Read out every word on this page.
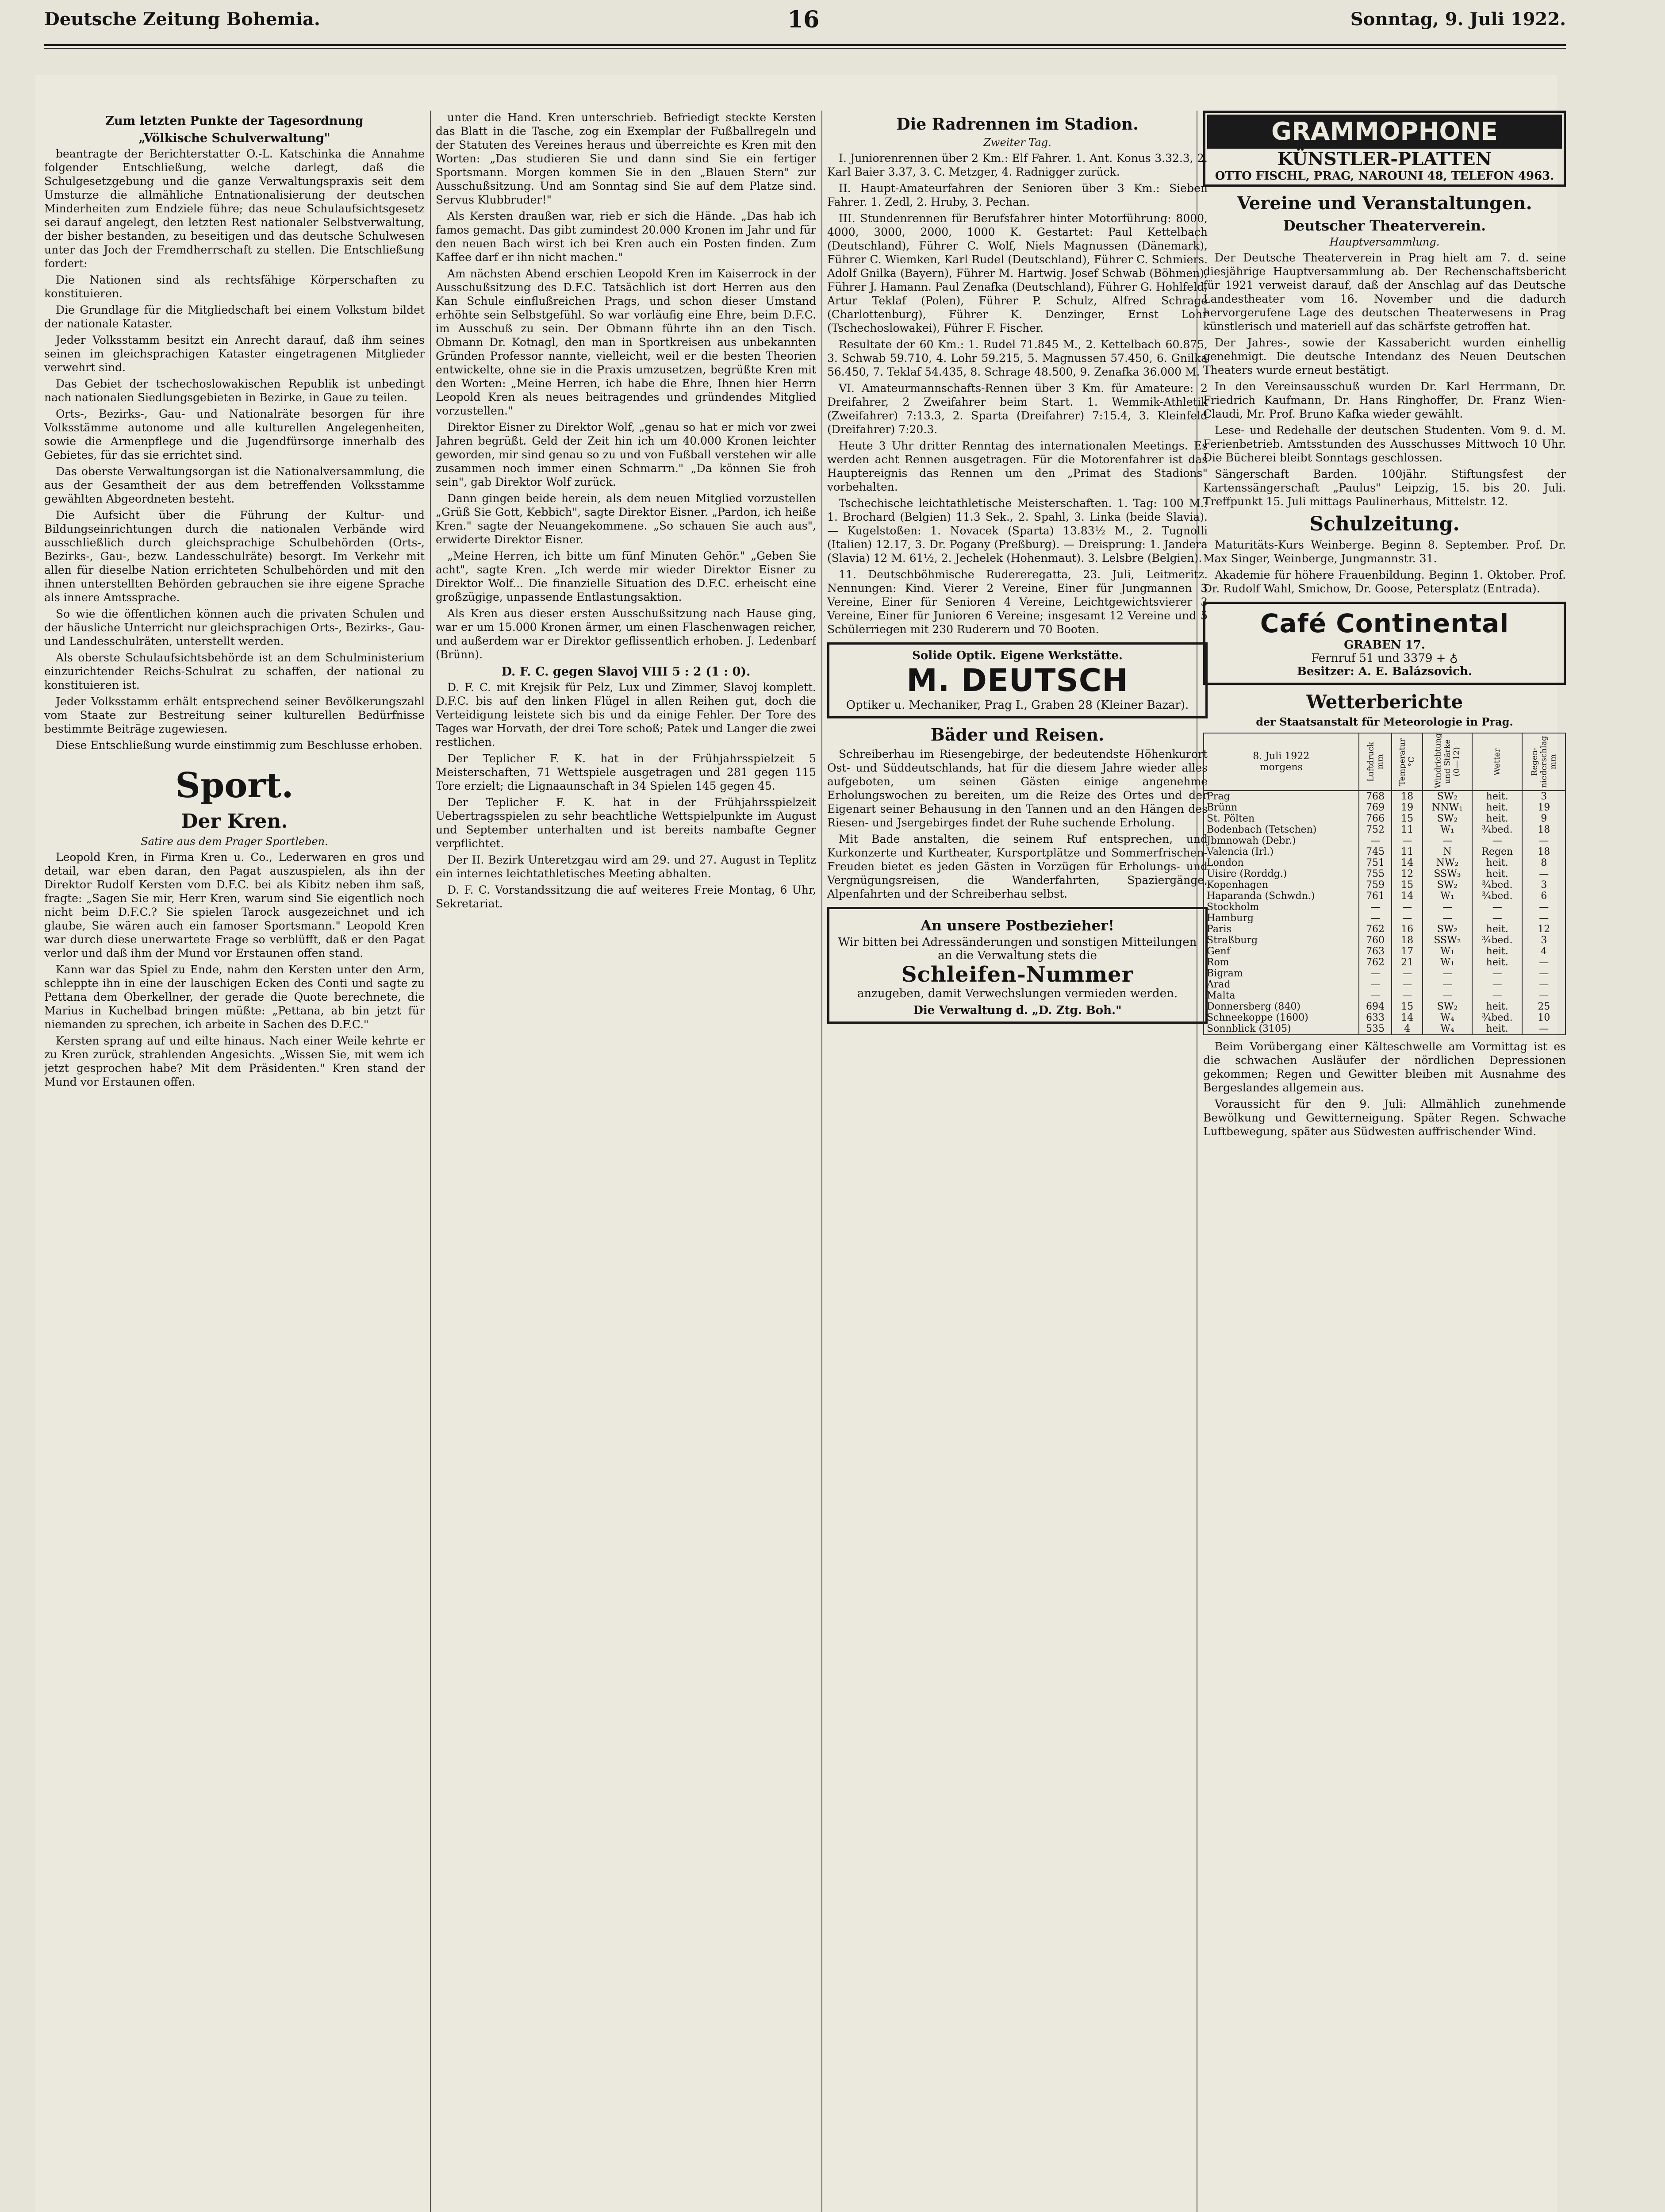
Deutsche Zeitung Bohemia.	16	Sonntag, 9. Juli 1922.
Zum letzten Punkte der Tagesordnung
„Völkische Schulverwaltung"

beantragte der Berichterstatter O.-L. Katschinka die Annahme folgender Entschließung, welche darlegt, daß die Schulgesetzgebung und die ganze Verwaltungspraxis seit dem Umsturze die allmähliche Entnationalisierung der deutschen Minderheiten zum Endziele führe; das neue Schulaufsichtsgesetz sei darauf angelegt, den letzten Rest nationaler Selbstverwaltung, der bisher bestanden, zu beseitigen und das deutsche Schulwesen unter das Joch der Fremdherrschaft zu stellen. Die Entschließung fordert:

Die Nationen sind als rechtsfähige Körperschaften zu konstituieren.

Die Grundlage für die Mitgliedschaft bei einem Volkstum bildet der nationale Kataster.

Jeder Volksstamm besitzt ein Anrecht darauf, daß ihm seines seinen im gleichsprachigen Kataster eingetragenen Mitglieder verwehrt sind.

Das Gebiet der tschechoslowakischen Republik ist unbedingt nach nationalen Siedlungsgebieten in Bezirke, in Gaue zu teilen.

Orts-, Bezirks-, Gau- und Nationalräte besorgen für ihre Volksstämme autonome und alle kulturellen Angelegenheiten, sowie die Armenpflege und die Jugendfürsorge innerhalb des Gebietes, für das sie errichtet sind.

Das oberste Verwaltungsorgan ist die Nationalversammlung, die aus der Gesamtheit der aus dem betreffenden Volksstamme gewählten Abgeordneten besteht.

Die Aufsicht über die Führung der Kultur- und Bildungseinrichtungen durch die nationalen Verbände wird ausschließlich durch gleichsprachige Schulbehörden (Orts-, Bezirks-, Gau-, bezw. Landesschulräte) besorgt. Im Verkehr mit allen für dieselbe Nation errichteten Schulbehörden und mit den ihnen unterstellten Behörden gebrauchen sie ihre eigene Sprache als innere Amtssprache.

So wie die öffentlichen können auch die privaten Schulen und der häusliche Unterricht nur gleichsprachigen Orts-, Bezirks-, Gau- und Landesschulräten, unterstellt werden.

Als oberste Schulaufsichtsbehörde ist an dem Schulministerium einzurichtender Reichs-Schulrat zu schaffen, der national zu konstituieren ist.

Jeder Volksstamm erhält entsprechend seiner Bevölkerungszahl vom Staate zur Bestreitung seiner kulturellen Bedürfnisse bestimmte Beiträge zugewiesen.

Diese Entschließung wurde einstimmig zum Beschlusse erhoben.

Sport.
Der Kren.
Satire aus dem Prager Sportleben.

Leopold Kren, in Firma Kren u. Co., Lederwaren en gros und detail, war eben daran, den Pagat auszuspielen, als ihn der Direktor Rudolf Kersten vom D.F.C. bei als Kibitz neben ihm saß, fragte: „Sagen Sie mir, Herr Kren, warum sind Sie eigentlich noch nicht beim D.F.C.? Sie spielen Tarock ausgezeichnet und ich glaube, Sie wären auch ein famoser Sportsmann." Leopold Kren war durch diese unerwartete Frage so verblüfft, daß er den Pagat verlor und daß ihm der Mund vor Erstaunen offen stand.

Kann war das Spiel zu Ende, nahm den Kersten unter den Arm, schleppte ihn in eine der lauschigen Ecken des Conti und sagte zu Pettana dem Oberkellner, der gerade die Quote berechnete, die Marius in Kuchelbad bringen müßte: „Pettana, ab bin jetzt für niemanden zu sprechen, ich arbeite in Sachen des D.F.C."

Kersten sprang auf und eilte hinaus. Nach einer Weile kehrte er zu Kren zurück, strahlenden Angesichts. „Wissen Sie, mit wem ich jetzt gesprochen habe? Mit dem Präsidenten." Kren stand der Mund vor Erstaunen offen.

unter die Hand. Kren unterschrieb. Befriedigt steckte Kersten das Blatt in die Tasche, zog ein Exemplar der Fußballregeln und der Statuten des Vereines heraus und überreichte es Kren mit den Worten: „Das studieren Sie und dann sind Sie ein fertiger Sportsmann. Morgen kommen Sie in den „Blauen Stern" zur Ausschußsitzung. Und am Sonntag sind Sie auf dem Platze sind. Servus Klubbruder!"

Als Kersten draußen war, rieb er sich die Hände. „Das hab ich famos gemacht. Das gibt zumindest 20.000 Kronen im Jahr und für den neuen Bach wirst ich bei Kren auch ein Posten finden. Zum Kaffee darf er ihn nicht machen."

Am nächsten Abend erschien Leopold Kren im Kaiserrock in der Ausschußsitzung des D.F.C. Tatsächlich ist dort Herren aus den Kan Schule einflußreichen Prags, und schon dieser Umstand erhöhte sein Selbstgefühl. So war vorläufig eine Ehre, beim D.F.C. im Ausschuß zu sein. Der Obmann führte ihn an den Tisch. Obmann Dr. Kotnagl, den man in Sportkreisen aus unbekannten Gründen Professor nannte, vielleicht, weil er die besten Theorien entwickelte, ohne sie in die Praxis umzusetzen, begrüßte Kren mit den Worten: „Meine Herren, ich habe die Ehre, Ihnen hier Herrn Leopold Kren als neues beitragendes und gründendes Mitglied vorzustellen."

Direktor Eisner zu Direktor Wolf, „genau so hat er mich vor zwei Jahren begrüßt. Geld der Zeit hin ich um 40.000 Kronen leichter geworden, mir sind genau so zu und von Fußball verstehen wir alle zusammen noch immer einen Schmarrn." „Da können Sie froh sein", gab Direktor Wolf zurück.

Dann gingen beide herein, als dem neuen Mitglied vorzustellen „Grüß Sie Gott, Kebbich", sagte Direktor Eisner. „Pardon, ich heiße Kren." sagte der Neuangekommene. „So schauen Sie auch aus", erwiderte Direktor Eisner.

„Meine Herren, ich bitte um fünf Minuten Gehör." „Geben Sie acht", sagte Kren. „Ich werde mir wieder Direktor Eisner zu Direktor Wolf... Die finanzielle Situation des D.F.C. erheischt eine großzügige, unpassende Entlastungsaktion.

Als Kren aus dieser ersten Ausschußsitzung nach Hause ging, war er um 15.000 Kronen ärmer, um einen Flaschenwagen reicher, und außerdem war er Direktor geflissentlich erhoben. J. Ledenbarf (Brünn).

D. F. C. gegen Slavoj VIII 5 : 2 (1 : 0).

D. F. C. mit Krejsik für Pelz, Lux und Zimmer, Slavoj komplett. D.F.C. bis auf den linken Flügel in allen Reihen gut, doch die Verteidigung leistete sich bis und da einige Fehler. Der Tore des Tages war Horvath, der drei Tore schoß; Patek und Langer die zwei restlichen.

Der Teplicher F. K. hat in der Frühjahrsspielzeit 5 Meisterschaften, 71 Wettspiele ausgetragen und 281 gegen 115 Tore erzielt; die Lignaaunschaft in 34 Spielen 145 gegen 45.

Der Teplicher F. K. hat in der Frühjahrsspielzeit Uebertragsspielen zu sehr beachtliche Wettspielpunkte im August und September unterhalten und ist bereits nambafte Gegner verpflichtet.

Der II. Bezirk Unteretzgau wird am 29. und 27. August in Teplitz ein internes leichtathletisches Meeting abhalten.

D. F. C. Vorstandssitzung die auf weiteres Freie Montag, 6 Uhr, Sekretariat.

Die Radrennen im Stadion.
Zweiter Tag.

I. Juniorenrennen über 2 Km.: Elf Fahrer. 1. Ant. Konus 3.32.3, 2. Karl Baier 3.37, 3. C. Metzger, 4. Radnigger zurück.

II. Haupt-Amateurfahren der Senioren über 3 Km.: Sieben Fahrer. 1. Zedl, 2. Hruby, 3. Pechan.

III. Stundenrennen für Berufsfahrer hinter Motorführung: 8000, 4000, 3000, 2000, 1000 K. Gestartet: Paul Kettelbach (Deutschland), Führer C. Wolf, Niels Magnussen (Dänemark), Führer C. Wiemken, Karl Rudel (Deutschland), Führer C. Schmiers. Adolf Gnilka (Bayern), Führer M. Hartwig. Josef Schwab (Böhmen), Führer J. Hamann. Paul Zenafka (Deutschland), Führer G. Hohlfeld, Artur Teklaf (Polen), Führer P. Schulz, Alfred Schrage (Charlottenburg), Führer K. Denzinger, Ernst Lohr (Tschechoslowakei), Führer F. Fischer.

Resultate der 60 Km.: 1. Rudel 71.845 M., 2. Kettelbach 60.875, 3. Schwab 59.710, 4. Lohr 59.215, 5. Magnussen 57.450, 6. Gnilka 56.450, 7. Teklaf 54.435, 8. Schrage 48.500, 9. Zenafka 36.000 M.

VI. Amateurmannschafts-Rennen über 3 Km. für Amateure: 2 Dreifahrer, 2 Zweifahrer beim Start. 1. Wemmik-Athletik (Zweifahrer) 7:13.3, 2. Sparta (Dreifahrer) 7:15.4, 3. Kleinfeld (Dreifahrer) 7:20.3.

Heute 3 Uhr dritter Renntag des internationalen Meetings. Es werden acht Rennen ausgetragen. Für die Motorenfahrer ist das Hauptereignis das Rennen um den „Primat des Stadions" vorbehalten.

Tschechische leichtathletische Meisterschaften. 1. Tag: 100 M.: 1. Brochard (Belgien) 11.3 Sek., 2. Spahl, 3. Linka (beide Slavia). — Kugelstoßen: 1. Novacek (Sparta) 13.83½ M., 2. Tugnolli (Italien) 12.17, 3. Dr. Pogany (Preßburg). — Dreisprung: 1. Jandera (Slavia) 12 M. 61½, 2. Jechelek (Hohenmaut). 3. Lelsbre (Belgien).

11. Deutschböhmische Rudereregatta, 23. Juli, Leitmeritz. Nennungen: Kind. Vierer 2 Vereine, Einer für Jungmannen 3 Vereine, Einer für Senioren 4 Vereine, Leichtgewichtsvierer 3 Vereine, Einer für Junioren 6 Vereine; insgesamt 12 Vereine und 5 Schülerriegen mit 230 Ruderern und 70 Booten.

Solide Optik. Eigene Werkstätte.
M. DEUTSCH
Optiker u. Mechaniker, Prag I., Graben 28 (Kleiner Bazar).
Bäder und Reisen.

Schreiberhau im Riesengebirge, der bedeutendste Höhenkurort Ost- und Süddeutschlands, hat für die diesem Jahre wieder alles aufgeboten, um seinen Gästen einige angenehme Erholungswochen zu bereiten, um die Reize des Ortes und der Eigenart seiner Behausung in den Tannen und an den Hängen des Riesen- und Jsergebirges findet der Ruhe suchende Erholung.

Mit Bade anstalten, die seinem Ruf entsprechen, und Kurkonzerte und Kurtheater, Kursportplätze und Sommerfrischen-Freuden bietet es jeden Gästen in Vorzügen für Erholungs- und Vergnügungsreisen, die Wanderfahrten, Spaziergänge, Alpenfahrten und der Schreiberhau selbst.

An unsere Postbezieher!
Wir bitten bei Adressänderungen und sonstigen Mitteilungen an die Verwaltung stets die
Schleifen-Nummer
anzugeben, damit Verwechslungen vermieden werden.
Die Verwaltung d. „D. Ztg. Boh."
GRAMMOPHONE
KÜNSTLER-PLATTEN
OTTO FISCHL, PRAG, NAROUNI 48, TELEFON 4963.
Vereine und Veranstaltungen.
Deutscher Theaterverein.
Hauptversammlung.

Der Deutsche Theaterverein in Prag hielt am 7. d. seine diesjährige Hauptversammlung ab. Der Rechenschaftsbericht für 1921 verweist darauf, daß der Anschlag auf das Deutsche Landestheater vom 16. November und die dadurch hervorgerufene Lage des deutschen Theaterwesens in Prag künstlerisch und materiell auf das schärfste getroffen hat.

Der Jahres-, sowie der Kassabericht wurden einhellig genehmigt. Die deutsche Intendanz des Neuen Deutschen Theaters wurde erneut bestätigt.

In den Vereinsausschuß wurden Dr. Karl Herrmann, Dr. Friedrich Kaufmann, Dr. Hans Ringhoffer, Dr. Franz Wien-Claudi, Mr. Prof. Bruno Kafka wieder gewählt.

Lese- und Redehalle der deutschen Studenten. Vom 9. d. M. Ferienbetrieb. Amtsstunden des Ausschusses Mittwoch 10 Uhr. Die Bücherei bleibt Sonntags geschlossen.

Sängerschaft Barden. 100jähr. Stiftungsfest der Kartenssängerschaft „Paulus" Leipzig, 15. bis 20. Juli. Treffpunkt 15. Juli mittags Paulinerhaus, Mittelstr. 12.

Schulzeitung.

Maturitäts-Kurs Weinberge. Beginn 8. September. Prof. Dr. Max Singer, Weinberge, Jungmannstr. 31.

Akademie für höhere Frauenbildung. Beginn 1. Oktober. Prof. Dr. Rudolf Wahl, Smichow, Dr. Goose, Petersplatz (Entrada).

Café Continental
GRABEN 17.
Fernruf 51 und 3379 + ♁
Besitzer: A. E. Balázsovich.
Wetterberichte
der Staatsanstalt für Meteorologie in Prag.
8. Juli 1922
morgens	Luftdruck mm	Temperatur °C	Windrichtung und Stärke (0—12)	Wetter	Regen-niederschlag mm
Prag	768	18	SW₂	heit.	3
Brünn	769	19	NNW₁	heit.	19
St. Pölten	766	15	SW₂	heit.	9
Bodenbach (Tetschen)	752	11	W₁	¾bed.	18
Jbmnowah (Debr.)	—	—	—	—	—
Valencia (Irl.)	745	11	N	Regen	18
London	751	14	NW₂	heit.	8
Uisire (Rorddg.)	755	12	SSW₃	heit.	—
Kopenhagen	759	15	SW₂	¾bed.	3
Haparanda (Schwdn.)	761	14	W₁	¾bed.	6
Stockholm	—	—	—	—	—
Hamburg	—	—	—	—	—
Paris	762	16	SW₂	heit.	12
Straßburg	760	18	SSW₂	¾bed.	3
Genf	763	17	W₁	heit.	4
Rom	762	21	W₁	heit.	—
Bigram	—	—	—	—	—
Arad	—	—	—	—	—
Malta	—	—	—	—	—
Donnersberg (840)	694	15	SW₂	heit.	25
Schneekoppe (1600)	633	14	W₄	¾bed.	10
Sonnblick (3105)	535	4	W₄	heit.	—

Beim Vorübergang einer Kälteschwelle am Vormittag ist es die schwachen Ausläufer der nördlichen Depressionen gekommen; Regen und Gewitter bleiben mit Ausnahme des Bergeslandes allgemein aus.

Voraussicht für den 9. Juli: Allmählich zunehmende Bewölkung und Gewitterneigung. Später Regen. Schwache Luftbewegung, später aus Südwesten auffrischender Wind.
